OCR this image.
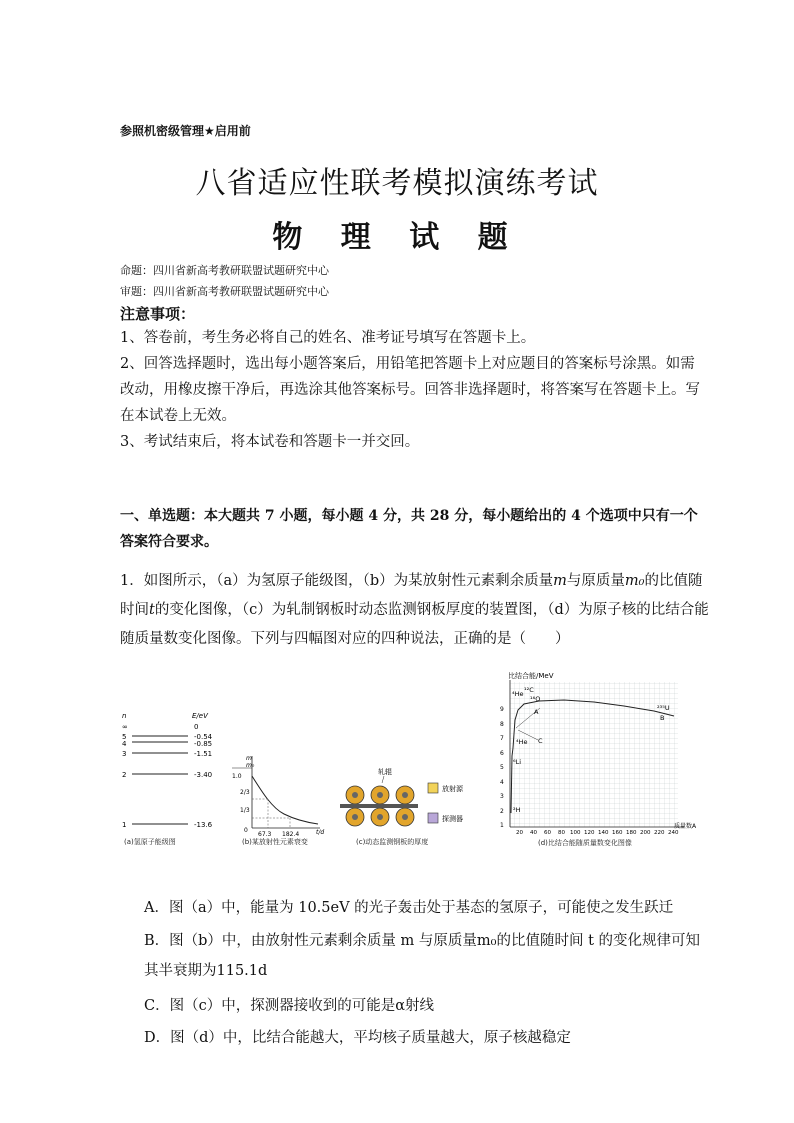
参照机密级管理★启用前
八省适应性联考模拟演练考试
物 理 试 题
命题：四川省新高考教研联盟试题研究中心
审题：四川省新高考教研联盟试题研究中心
注意事项：
1、答卷前，考生务必将自己的姓名、准考证号填写在答题卡上。
2、回答选择题时，选出每小题答案后，用铅笔把答题卡上对应题目的答案标号涂黑。如需改动，用橡皮擦干净后，再选涂其他答案标号。回答非选择题时，将答案写在答题卡上。写在本试卷上无效。
3、考试结束后，将本试卷和答题卡一并交回。
一、单选题：本大题共 7 小题，每小题 4 分，共 28 分，每小题给出的 4 个选项中只有一个答案符合要求。
1．如图所示，（a）为氢原子能级图，（b）为某放射性元素剩余质量m与原质量m₀的比值随时间t的变化图像，（c）为轧制钢板时动态监测钢板厚度的装置图，（d）为原子核的比结合能随质量数变化图像。下列与四幅图对应的四种说法，正确的是（　　）
n	E/eV
∞	0
5	-0.54
4	-0.85
3	-1.51
2	-3.40
1	-13.6
(a)氢原子能级图
m
m₀
t/d
1.0
2/3
1/3
0
67.3 182.4
(b)某放射性元素衰变
轧辊
放射源
探测器
(c)动态监测钢板的厚度
比结合能/MeV
9
8
7
6
5
4
3
2
1
20 40 60 80 100 120 140 160 180 200 220 240
质量数A
⁴He ¹²C
¹⁶O
⁶Li
²H
²³⁵U
⁴He
A
B
C
(d)比结合能随质量数变化图像
A．图（a）中，能量为 10.5eV 的光子轰击处于基态的氢原子，可能使之发生跃迁
B．图（b）中，由放射性元素剩余质量 m 与原质量m₀的比值随时间 t 的变化规律可知其半衰期为115.1d
C．图（c）中，探测器接收到的可能是α射线
D．图（d）中，比结合能越大，平均核子质量越大，原子核越稳定
